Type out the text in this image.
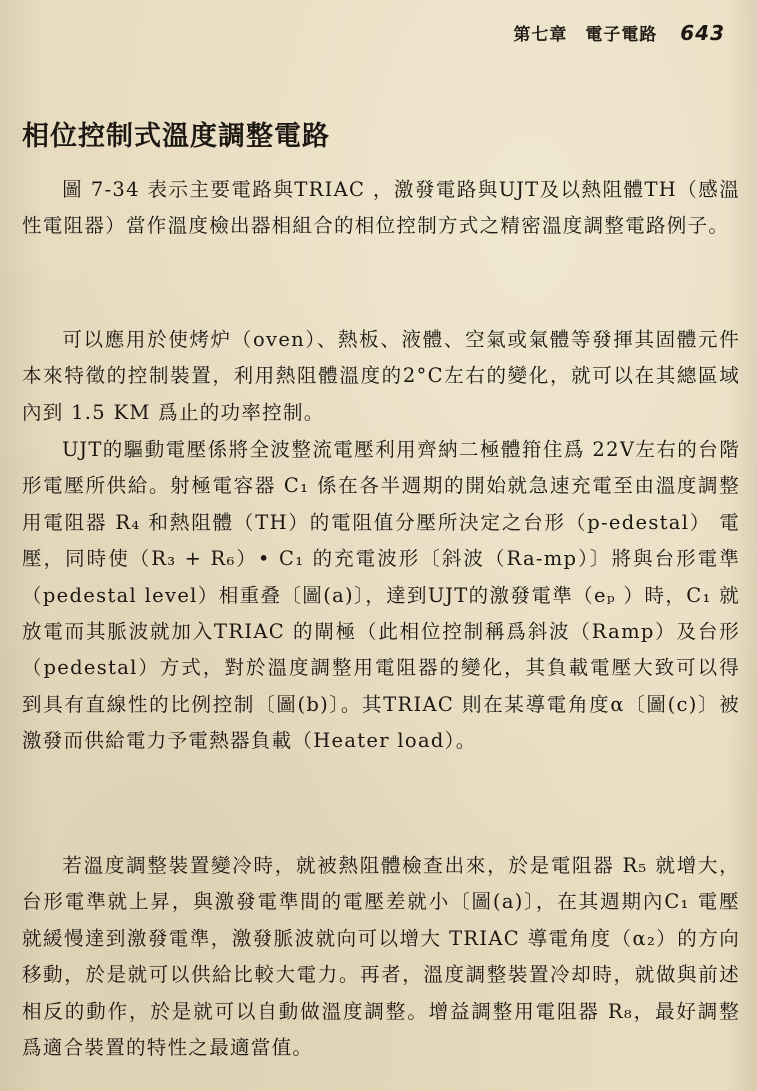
第七章　電子電路 643
相位控制式溫度調整電路

圖 7-34 表示主要電路與TRIAC ，激發電路與UJT及以熱阻體TH（感溫性電阻器）當作溫度檢出器相組合的相位控制方式之精密溫度調整電路例子。

可以應用於使烤炉（oven）、熱板、液體、空氣或氣體等發揮其固體元件本來特徵的控制裝置，利用熱阻體溫度的2°C左右的變化，就可以在其總區域內到 1.5 KM 爲止的功率控制。

UJT的驅動電壓係將全波整流電壓利用齊納二極體箝住爲 22V左右的台階形電壓所供給。射極電容器 C₁ 係在各半週期的開始就急速充電至由溫度調整用電阻器 R₄ 和熱阻體（TH）的電阻值分壓所決定之台形（p-edestal） 電壓，同時使（R₃ + R₆）• C₁ 的充電波形〔斜波（Ra-mp）〕將與台形電準（pedestal level）相重叠〔圖(a)〕，達到UJT的激發電準（eₚ ）時，C₁ 就放電而其脈波就加入TRIAC 的閘極（此相位控制稱爲斜波（Ramp）及台形（pedestal）方式，對於溫度調整用電阻器的變化，其負載電壓大致可以得到具有直線性的比例控制〔圖(b)〕。其TRIAC 則在某導電角度α〔圖(c)〕被激發而供給電力予電熱器負載（Heater load）。

若溫度調整裝置變冷時，就被熱阻體檢查出來，於是電阻器 R₅ 就增大，台形電準就上昇，與激發電準間的電壓差就小〔圖(a)〕，在其週期內C₁ 電壓就緩慢達到激發電準，激發脈波就向可以增大 TRIAC 導電角度（α₂）的方向移動，於是就可以供給比較大電力。再者，溫度調整裝置冷却時，就做與前述相反的動作，於是就可以自動做溫度調整。增益調整用電阻器 R₈，最好調整爲適合裝置的特性之最適當值。
